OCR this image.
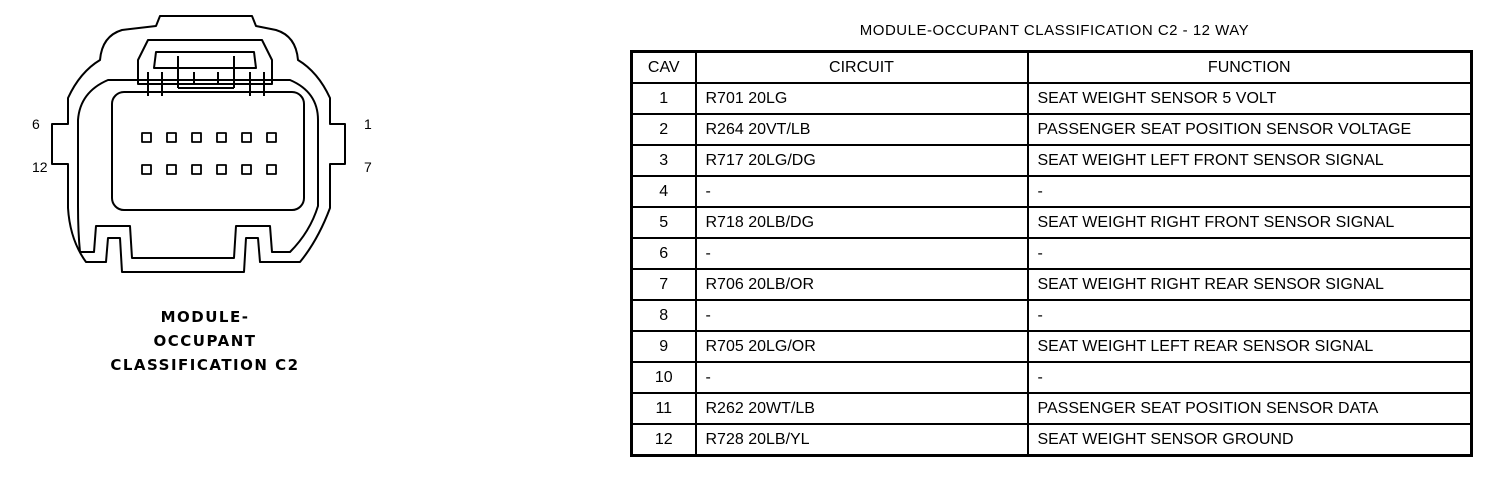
6
12
1
7
MODULE-
OCCUPANT
CLASSIFICATION C2
MODULE-OCCUPANT CLASSIFICATION C2 - 12 WAY
CAV	CIRCUIT	FUNCTION
1	R701 20LG	SEAT WEIGHT SENSOR 5 VOLT
2	R264 20VT/LB	PASSENGER SEAT POSITION SENSOR VOLTAGE
3	R717 20LG/DG	SEAT WEIGHT LEFT FRONT SENSOR SIGNAL
4	-	-
5	R718 20LB/DG	SEAT WEIGHT RIGHT FRONT SENSOR SIGNAL
6	-	-
7	R706 20LB/OR	SEAT WEIGHT RIGHT REAR SENSOR SIGNAL
8	-	-
9	R705 20LG/OR	SEAT WEIGHT LEFT REAR SENSOR SIGNAL
10	-	-
11	R262 20WT/LB	PASSENGER SEAT POSITION SENSOR DATA
12	R728 20LB/YL	SEAT WEIGHT SENSOR GROUND
